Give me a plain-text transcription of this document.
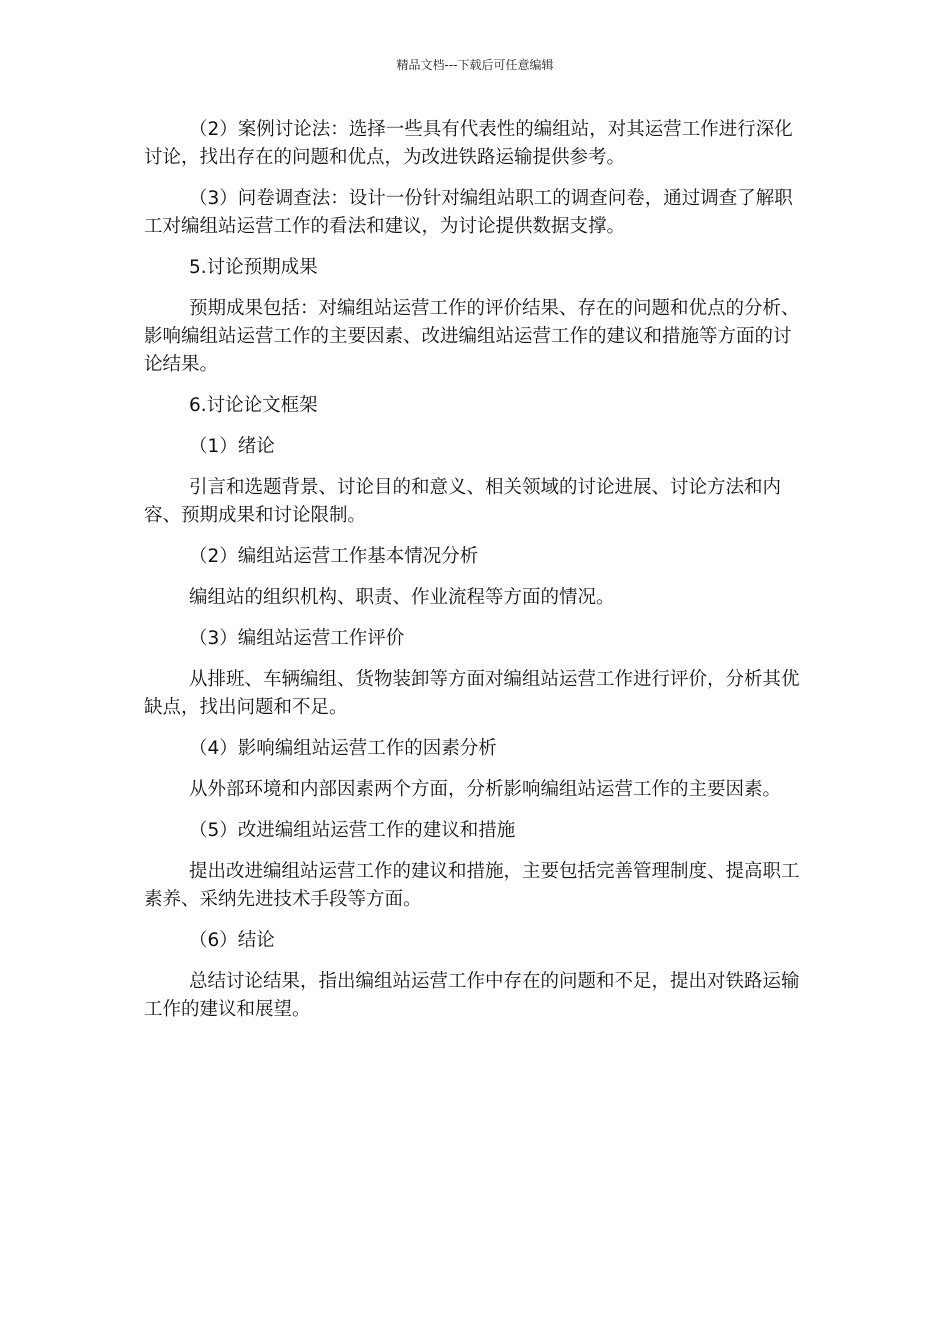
精品文档---下载后可任意编辑

（2）案例讨论法：选择一些具有代表性的编组站，对其运营工作进行深化讨论，找出存在的问题和优点，为改进铁路运输提供参考。

（3）问卷调查法：设计一份针对编组站职工的调查问卷，通过调查了解职工对编组站运营工作的看法和建议，为讨论提供数据支撑。

5.讨论预期成果

预期成果包括：对编组站运营工作的评价结果、存在的问题和优点的分析、影响编组站运营工作的主要因素、改进编组站运营工作的建议和措施等方面的讨论结果。

6.讨论论文框架

（1）绪论

引言和选题背景、讨论目的和意义、相关领域的讨论进展、讨论方法和内容、预期成果和讨论限制。

（2）编组站运营工作基本情况分析

编组站的组织机构、职责、作业流程等方面的情况。

（3）编组站运营工作评价

从排班、车辆编组、货物装卸等方面对编组站运营工作进行评价，分析其优缺点，找出问题和不足。

（4）影响编组站运营工作的因素分析

从外部环境和内部因素两个方面，分析影响编组站运营工作的主要因素。

（5）改进编组站运营工作的建议和措施

提出改进编组站运营工作的建议和措施，主要包括完善管理制度、提高职工素养、采纳先进技术手段等方面。

（6）结论

总结讨论结果，指出编组站运营工作中存在的问题和不足，提出对铁路运输工作的建议和展望。
